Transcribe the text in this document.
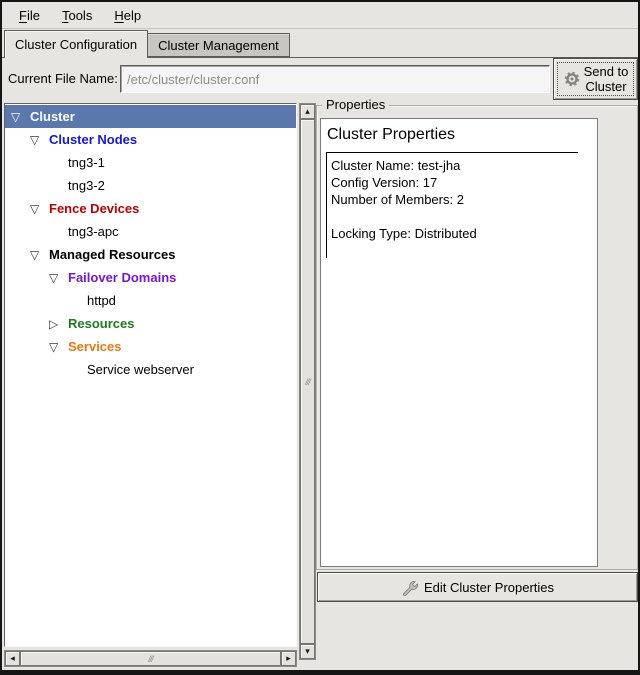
File	Tools	Help
Cluster Configuration	Cluster Management
Current File Name:
/etc/cluster/cluster.conf	Send to
Cluster
▽ Cluster
▽ Cluster Nodes
tng3-1
tng3-2
▽ Fence Devices
tng3-apc
▽ Managed Resources
▽ Failover Domains
httpd
▷ Resources
▽ Services
Service webserver
▴
///
▾
◂	///	▸
Properties
Cluster Properties
Cluster Name: test-jha
Config Version: 17
Number of Members: 2
Locking Type: Distributed
Edit Cluster Properties
